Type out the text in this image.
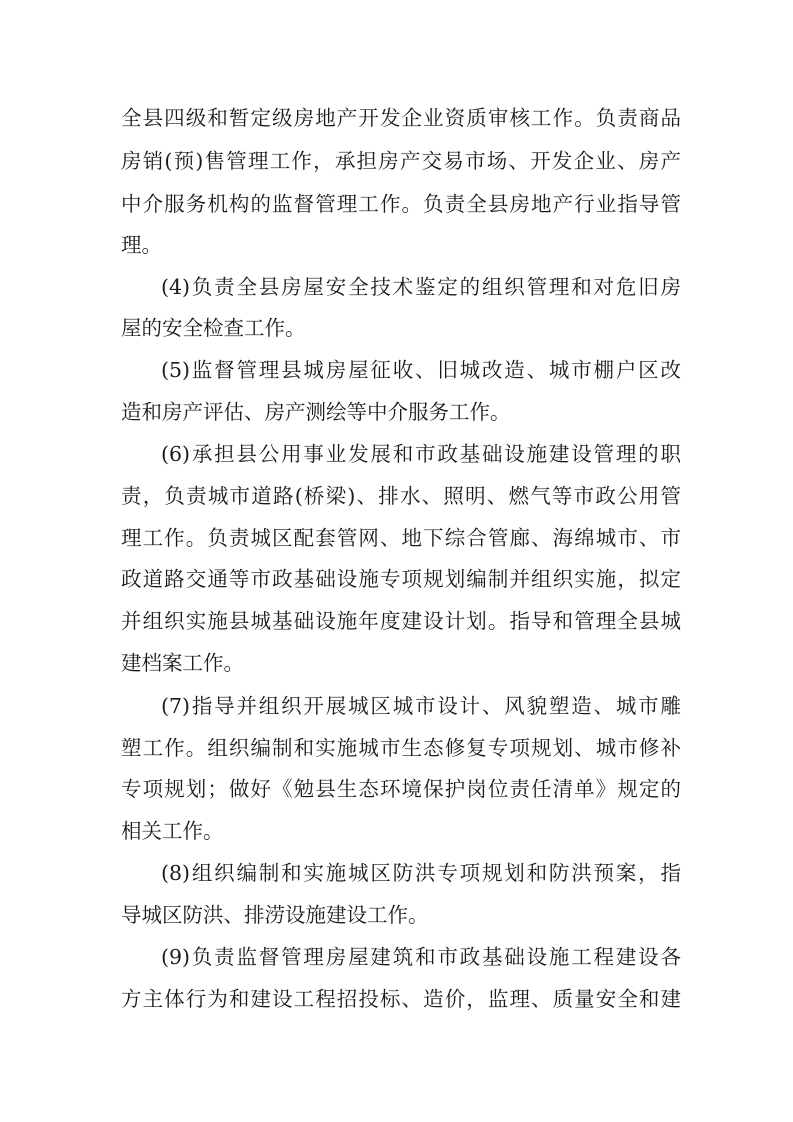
全县四级和暂定级房地产开发企业资质审核工作。负责商品
房销(预)售管理工作，承担房产交易市场、开发企业、房产
中介服务机构的监督管理工作。负责全县房地产行业指导管
理。
(4)负责全县房屋安全技术鉴定的组织管理和对危旧房
屋的安全检查工作。
(5)监督管理县城房屋征收、旧城改造、城市棚户区改
造和房产评估、房产测绘等中介服务工作。
(6)承担县公用事业发展和市政基础设施建设管理的职
责，负责城市道路(桥梁)、排水、照明、燃气等市政公用管
理工作。负责城区配套管网、地下综合管廊、海绵城市、市
政道路交通等市政基础设施专项规划编制并组织实施，拟定
并组织实施县城基础设施年度建设计划。指导和管理全县城
建档案工作。
(7)指导并组织开展城区城市设计、风貌塑造、城市雕
塑工作。组织编制和实施城市生态修复专项规划、城市修补
专项规划；做好《勉县生态环境保护岗位责任清单》规定的
相关工作。
(8)组织编制和实施城区防洪专项规划和防洪预案，指
导城区防洪、排涝设施建设工作。
(9)负责监督管理房屋建筑和市政基础设施工程建设各
方主体行为和建设工程招投标、造价，监理、质量安全和建
